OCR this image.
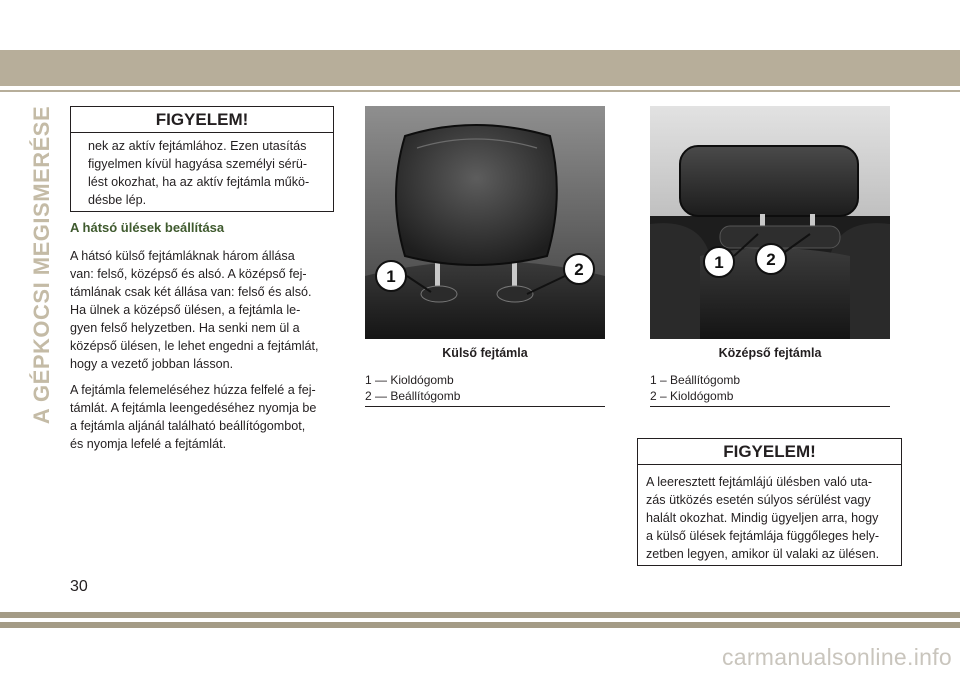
A GÉPKOCSI MEGISMERÉSE	FIGYELEM!
nek az aktív fejtámlához. Ezen utasítás
figyelmen kívül hagyása személyi sérü-
lést okozhat, ha az aktív fejtámla műkö-
désbe lép.
A hátsó ülések beállítása
A hátsó külső fejtámláknak három állása
van: felső, középső és alsó. A középső fej-
támlának csak két állása van: felső és alsó.
Ha ülnek a középső ülésen, a fejtámla le-
gyen felső helyzetben. Ha senki nem ül a
középső ülésen, le lehet engedni a fejtámlát,
hogy a vezető jobban lásson.
A fejtámla felemeléséhez húzza felfelé a fej-
támlát. A fejtámla leengedéséhez nyomja be
a fejtámla aljánál található beállítógombot,
és nyomja lefelé a fejtámlát.
1	2
Külső fejtámla
1 — Kioldógomb
2 — Beállítógomb
1	2
Középső fejtámla
1 – Beállítógomb
2 – Kioldógomb
FIGYELEM!
A leeresztett fejtámlájú ülésben való uta-
zás ütközés esetén súlyos sérülést vagy
halált okozhat. Mindig ügyeljen arra, hogy
a külső ülések fejtámlája függőleges hely-
zetben legyen, amikor ül valaki az ülésen.
30
carmanualsonline.info
